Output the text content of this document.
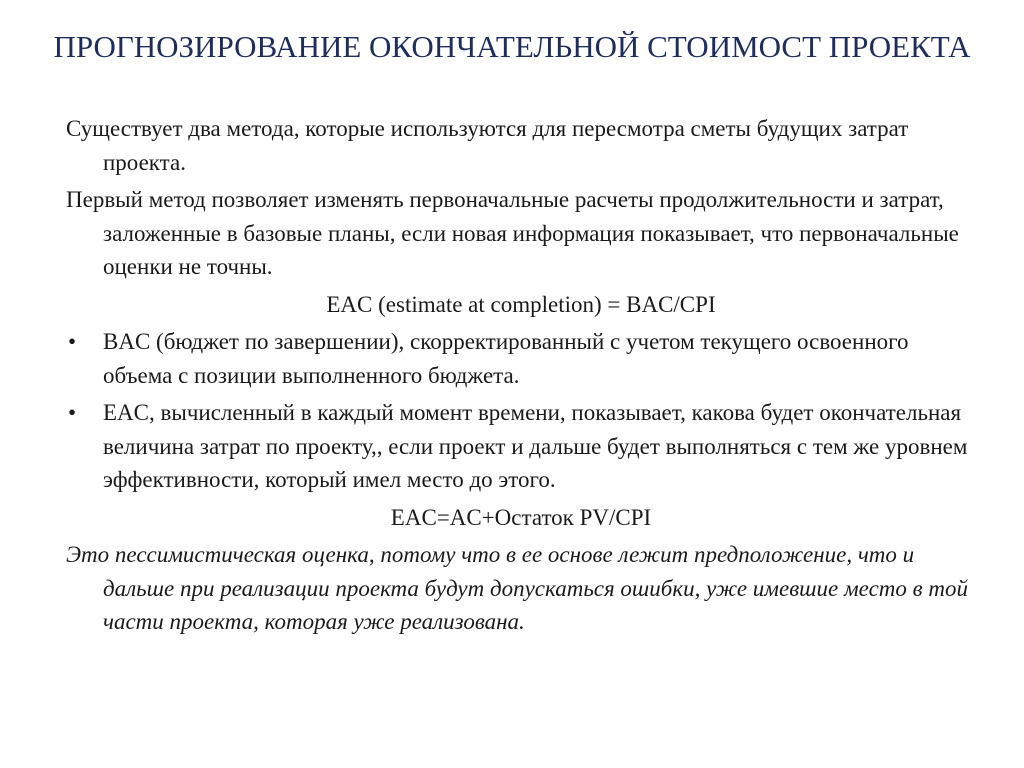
ПРОГНОЗИРОВАНИЕ ОКОНЧАТЕЛЬНОЙ СТОИМОСТ ПРОЕКТА

Существует два метода, которые используются для пересмотра сметы будущих затрат проекта.

Первый метод позволяет изменять первоначальные расчеты продолжительности и затрат, заложенные в базовые планы, если новая информация показывает, что первоначальные оценки не точны.

EAC (estimate at completion) = BAC/CPI

• BAC (бюджет по завершении), скорректированный с учетом текущего освоенного объема с позиции выполненного бюджета.
• EAC, вычисленный в каждый момент времени, показывает, какова будет окончательная величина затрат по проекту,, если проект и дальше будет выполняться с тем же уровнем эффективности, который имел место до этого.

EAC=AC+Остаток PV/CPI

Это пессимистическая оценка, потому что в ее основе лежит предположение, что и дальше при реализации проекта будут допускаться ошибки, уже имевшие место в той части проекта, которая уже реализована.
